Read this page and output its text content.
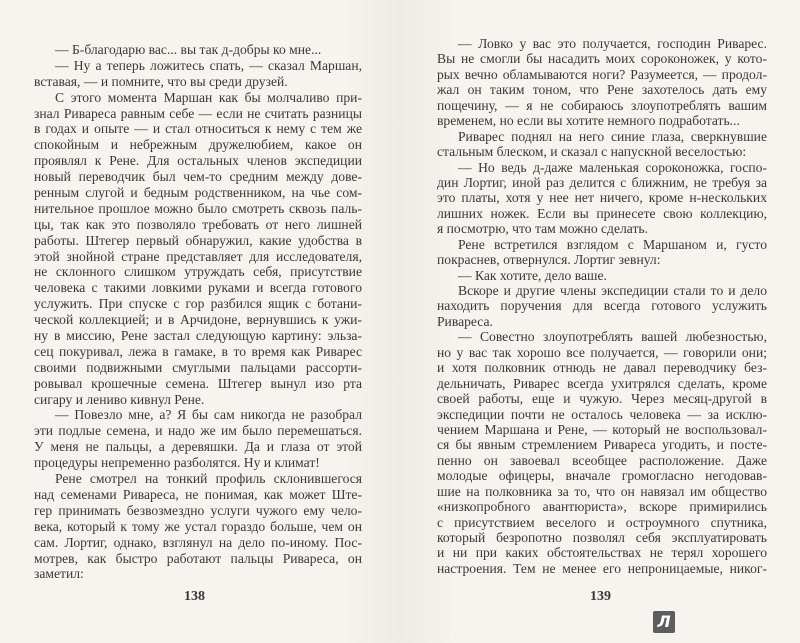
— Б-благодарю вас... вы так д-добры ко мне...
— Ну а теперь ложитесь спать, — сказал Маршан,
вставая, — и помните, что вы среди друзей.
С этого момента Маршан как бы молчаливо при-
знал Ривареса равным себе — если не считать разницы
в годах и опыте — и стал относиться к нему с тем же
спокойным и небрежным дружелюбием, какое он
проявлял к Рене. Для остальных членов экспедиции
новый переводчик был чем-то средним между дове-
ренным слугой и бедным родственником, на чье сом-
нительное прошлое можно было смотреть сквозь паль-
цы, так как это позволяло требовать от него лишней
работы. Штегер первый обнаружил, какие удобства в
этой знойной стране представляет для исследователя,
не склонного слишком утруждать себя, присутствие
человека с такими ловкими руками и всегда готового
услужить. При спуске с гор разбился ящик с ботани-
ческой коллекцией; и в Арчидоне, вернувшись к ужи-
ну в миссию, Рене застал следующую картину: эльза-
сец покуривал, лежа в гамаке, в то время как Риварес
своими подвижными смуглыми пальцами рассорти-
ровывал крошечные семена. Штегер вынул изо рта
сигару и лениво кивнул Рене.
— Повезло мне, а? Я бы сам никогда не разобрал
эти подлые семена, и надо же им было перемешаться.
У меня не пальцы, а деревяшки. Да и глаза от этой
процедуры непременно разболятся. Ну и климат!
Рене смотрел на тонкий профиль склонившегося
над семенами Ривареса, не понимая, как может Ште-
гер принимать безвозмездно услуги чужого ему чело-
века, который к тому же устал гораздо больше, чем он
сам. Лортиг, однако, взглянул на дело по-иному. Пос-
мотрев, как быстро работают пальцы Ривареса, он
заметил:
138
— Ловко у вас это получается, господин Риварес.
Вы не смогли бы насадить моих сороконожек, у кото-
рых вечно обламываются ноги? Разумеется, — продол-
жал он таким тоном, что Рене захотелось дать ему
пощечину, — я не собираюсь злоупотреблять вашим
временем, но если вы хотите немного подработать...
Риварес поднял на него синие глаза, сверкнувшие
стальным блеском, и сказал с напускной веселостью:
— Но ведь д-даже маленькая сороконожка, госпо-
дин Лортиг, иной раз делится с ближним, не требуя за
это платы, хотя у нее нет ничего, кроме н-нескольких
лишних ножек. Если вы принесете свою коллекцию,
я посмотрю, что там можно сделать.
Рене встретился взглядом с Маршаном и, густо
покраснев, отвернулся. Лортиг зевнул:
— Как хотите, дело ваше.
Вскоре и другие члены экспедиции стали то и дело
находить поручения для всегда готового услужить
Ривареса.
— Совестно злоупотреблять вашей любезностью,
но у вас так хорошо все получается, — говорили они;
и хотя полковник отнюдь не давал переводчику без-
дельничать, Риварес всегда ухитрялся сделать, кроме
своей работы, еще и чужую. Через месяц-другой в
экспедиции почти не осталось человека — за исклю-
чением Маршана и Рене, — который не воспользовал-
ся бы явным стремлением Ривареса угодить, и посте-
пенно он завоевал всеобщее расположение. Даже
молодые офицеры, вначале громогласно негодовав-
шие на полковника за то, что он навязал им общество
«низкопробного авантюриста», вскоре примирились
с присутствием веселого и остроумного спутника,
который безропотно позволял себя эксплуатировать
и ни при каких обстоятельствах не терял хорошего
настроения. Тем не менее его непроницаемые, никог-
139
Л
